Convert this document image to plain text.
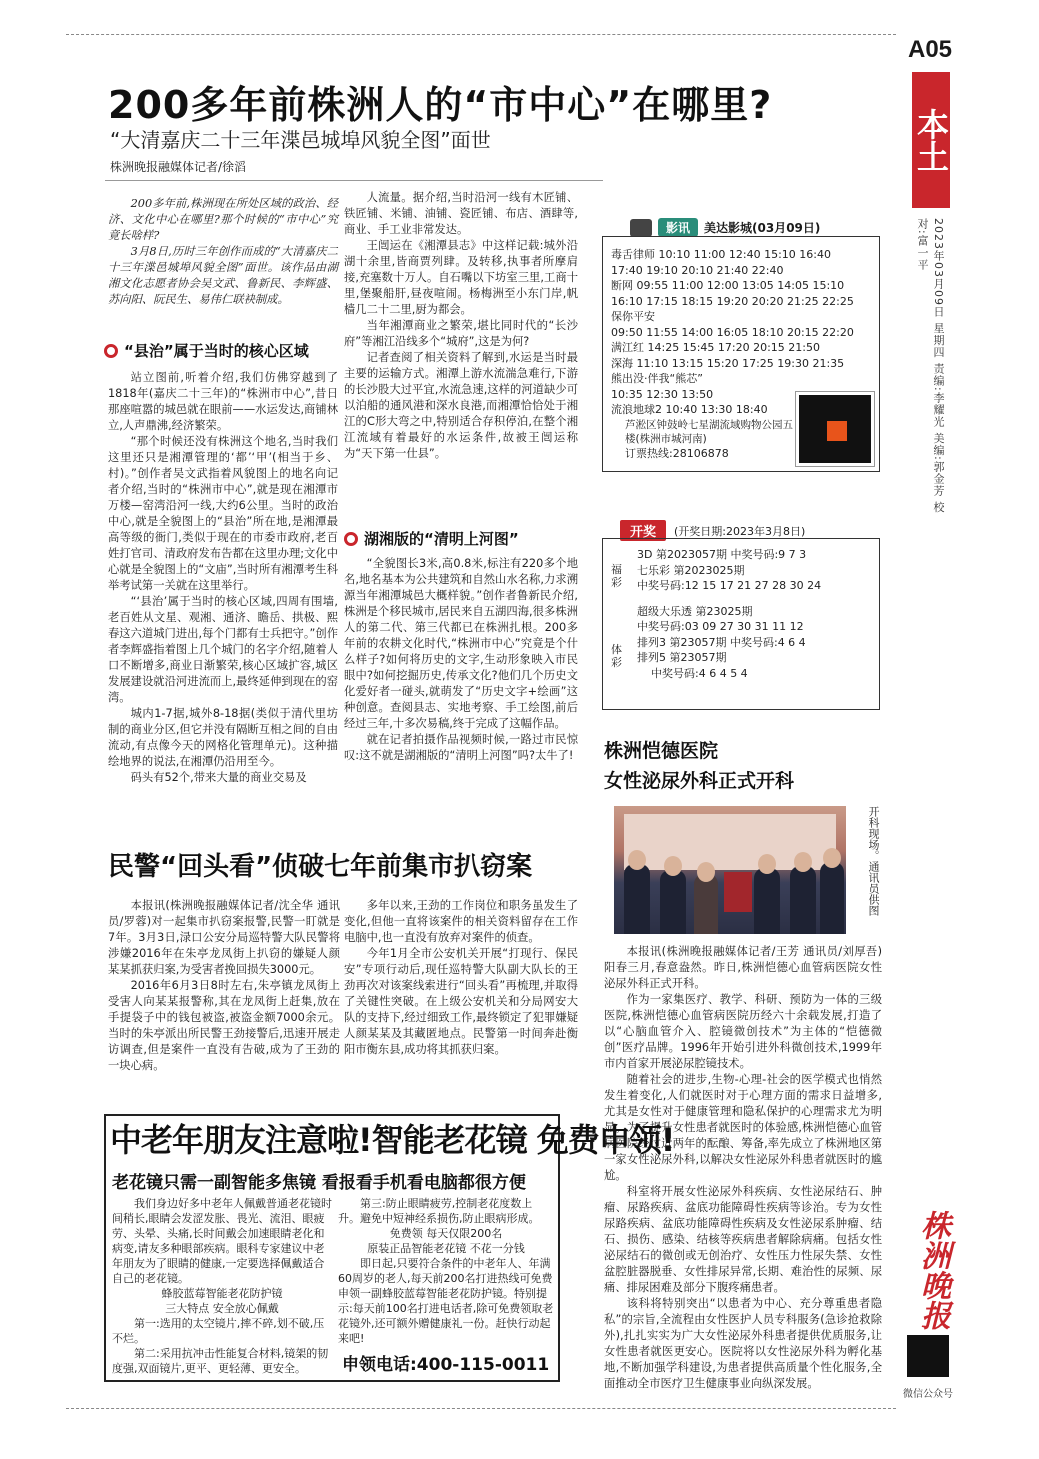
A05
本土
2023年03月09日 星期四 责编:李耀光 美编:郭金芳 校对:富一平
株洲晚报
微信公众号
200多年前株洲人的“市中心”在哪里?
“大清嘉庆二十三年渫邑城埠风貌全图”面世
株洲晚报融媒体记者/徐滔

200多年前,株洲现在所处区域的政治、经济、文化中心在哪里?那个时候的“市中心”究竟长啥样?

3月8日,历时三年创作而成的“大清嘉庆二十三年渫邑城埠风貌全图”面世。该作品由湖湘文化志愿者协会吴文武、鲁新民、李辉盛、苏向阳、阮民生、易伟仁联袂制成。

“县治”属于当时的核心区域

站立图前,听着介绍,我们仿佛穿越到了1818年(嘉庆二十三年)的“株洲市中心”,昔日那座喧嚣的城邑就在眼前——水运发达,商铺林立,人声鼎沸,经济繁荣。

“那个时候还没有株洲这个地名,当时我们这里还只是湘潭管理的‘都’‘甲’(相当于乡、村)。”创作者吴文武指着风貌图上的地名向记者介绍,当时的“株洲市中心”,就是现在湘潭市万楼—窑湾沿河一线,大约6公里。当时的政治中心,就是全貌图上的“县治”所在地,是湘潭最高等级的衙门,类似于现在的市委市政府,老百姓打官司、清政府发布告都在这里办理;文化中心就是全貌图上的“文庙”,当时所有湘潭考生科举考试第一关就在这里举行。

“‘县治’属于当时的核心区域,四周有围墙,老百姓从文星、观湘、通济、瞻岳、拱极、熙春这六道城门进出,每个门都有士兵把守。”创作者李辉盛指着图上几个城门的名字介绍,随着人口不断增多,商业日渐繁荣,核心区域扩容,城区发展建设就沿河进流而上,最终延伸到现在的窑湾。

城内1-7据,城外8-18据(类似于清代里坊制的商业分区,但它并没有隔断互相之间的自由流动,有点像今天的网格化管理单元)。这种描绘地界的说法,在湘潭仍沿用至今。

码头有52个,带来大量的商业交易及

人流量。据介绍,当时沿河一线有木匠铺、铁匠铺、米铺、油铺、瓷匠铺、布店、酒肆等,商业、手工业非常发达。

王闿运在《湘潭县志》中这样记载:城外沿湖十余里,皆商贾列肆。及转移,执事者所摩肩接,充塞数十万人。自石嘴以下坊室三里,工商十里,堡聚船肝,昼夜喧闹。杨梅洲至小东门岸,帆樯几二十二里,厨为都会。

当年湘潭商业之繁荣,堪比同时代的“长沙府”等湘江沿线多个“城府”,这是为何?

记者查阅了相关资料了解到,水运是当时最主要的运输方式。湘潭上游水流湍急难行,下游的长沙股大过平宜,水流急速,这样的河道缺少可以泊船的通风港和深水良港,而湘潭恰恰处于湘江的C形大弯之中,特别适合存积停泊,在整个湘江流域有着最好的水运条件,故被王闿运称为“天下第一仕县”。

湖湘版的“清明上河图”

“全貌图长3米,高0.8米,标注有220多个地名,地名基本为公共建筑和自然山水名称,力求溯源当年湘潭城邑大概样貌。”创作者鲁新民介绍,株洲是个移民城市,居民来自五湖四海,很多株洲人的第二代、第三代都已在株洲扎根。200多年前的农耕文化时代,“株洲市中心”究竟是个什么样子?如何将历史的文字,生动形象映入市民眼中?如何挖掘历史,传承文化?他们几个历史文化爱好者一碰头,就萌发了“历史文字+绘画”这种创意。查阅县志、实地考察、手工绘图,前后经过三年,十多次易稿,终于完成了这幅作品。

就在记者拍摄作品视频时候,一路过市民惊叹:这不就是湖湘版的“清明上河图”吗?太牛了!

影讯	美达影城(03月09日)
毒舌律师 10:10 11:00 12:40 15:10 16:40
17:40 19:10 20:10 21:40 22:40
断网 09:55 11:00 12:00 13:05 14:05 15:10
16:10 17:15 18:15 19:20 20:20 21:25 22:25
保你平安
09:50 11:55 14:00 16:05 18:10 20:15 22:20
满江红 14:25 15:45 17:20 20:15 21:50
深海 11:10 13:15 15:20 17:25 19:30 21:35
熊出没·伴我“熊芯”
10:35 12:30 13:50
流浪地球2 10:40 13:30 18:40
芦淞区钟鼓岭七星湖流域购物公园五楼(株洲市城河南)
订票热线:28106878
开奖	(开奖日期:2023年3月8日)
福彩
体彩
3D 第2023057期 中奖号码:9 7 3
七乐彩 第2023025期
中奖号码:12 15 17 21 27 28 30 24
超级大乐透 第23025期
中奖号码:03 09 27 30 31 11 12
排列3 第23057期 中奖号码:4 6 4
排列5 第23057期
中奖号码:4 6 4 5 4
株洲恺德医院
女性泌尿外科正式开科
开科现场。通讯员供图

本报讯(株洲晚报融媒体记者/王芳 通讯员/刘厚吾)阳春三月,春意盎然。昨日,株洲恺德心血管病医院女性泌尿外科正式开科。

作为一家集医疗、教学、科研、预防为一体的三级医院,株洲恺德心血管病医院历经六十余载发展,打造了以“心脑血管介入、腔镜微创技术”为主体的“恺德微创”医疗品牌。1996年开始引进外科微创技术,1999年市内首家开展泌尿腔镜技术。

随着社会的进步,生物-心理-社会的医学模式也悄然发生着变化,人们就医时对于心理方面的需求日益增多,尤其是女性对于健康管理和隐私保护的心理需求尤为明显。为了提升女性患者就医时的体验感,株洲恺德心血管病医院经过近两年的酝酿、筹备,率先成立了株洲地区第一家女性泌尿外科,以解决女性泌尿外科患者就医时的尴尬。

科室将开展女性泌尿外科疾病、女性泌尿结石、肿瘤、尿路疾病、盆底功能障碍性疾病等诊治。专为女性尿路疾病、盆底功能障碍性疾病及女性泌尿系肿瘤、结石、损伤、感染、结核等疾病患者解除病痛。包括女性泌尿结石的微创或无创治疗、女性压力性尿失禁、女性盆腔脏器脱垂、女性排尿异常,长期、难治性的尿频、尿痛、排尿困难及部分下腹疼痛患者。

该科将特别突出“以患者为中心、充分尊重患者隐私”的宗旨,全流程由女性医护人员专科服务(急诊抢救除外),扎扎实实为广大女性泌尿外科患者提供优质服务,让女性患者就医更安心。医院将以女性泌尿外科为孵化基地,不断加强学科建设,为患者提供高质量个性化服务,全面推动全市医疗卫生健康事业向纵深发展。

民警“回头看”侦破七年前集市扒窃案

本报讯(株洲晚报融媒体记者/沈全华 通讯员/罗蓉)对一起集市扒窃案报警,民警一盯就是7年。3月3日,渌口公安分局巡特警大队民警将涉嫌2016年在朱亭龙凤街上扒窃的嫌疑人颜某某抓获归案,为受害者挽回损失3000元。

2016年6月3日8时左右,朱亭镇龙凤街上受害人向某某报警称,其在龙凤街上赶集,放在手提袋子中的钱包被盗,被盗金额7000余元。当时的朱亭派出所民警王劲接警后,迅速开展走访调查,但是案件一直没有告破,成为了王劲的一块心病。

多年以来,王劲的工作岗位和职务虽发生了变化,但他一直将该案件的相关资料留存在工作电脑中,也一直没有放弃对案件的侦查。

今年1月全市公安机关开展“打现行、保民安”专项行动后,现任巡特警大队副大队长的王劲再次对该案线索进行“回头看”再梳理,并取得了关键性突破。在上级公安机关和分局网安大队的支持下,经过细致工作,最终锁定了犯罪嫌疑人颜某某及其藏匿地点。民警第一时间奔赴衡阳市衡东县,成功将其抓获归案。

中老年朋友注意啦!智能老花镜 免费申领!
老花镜只需一副智能多焦镜 看报看手机看电脑都很方便

我们身边好多中老年人佩戴普通老花镜时间稍长,眼睛会发涩发胀、畏光、流泪、眼疲劳、头晕、头痛,长时间戴会加速眼睛老化和病变,请友多种眼部疾病。眼科专家建议中老年朋友为了眼睛的健康,一定要选择佩戴适合自己的老花镜。

蜂胶蓝莓智能老花防护镜

三大特点 安全放心佩戴

第一:选用的太空镜片,摔不碎,划不破,压不烂。

第二:采用抗冲击性能复合材料,镜架的韧度强,双面镜片,更平、更轻薄、更安全。

第三:防止眼睛疲劳,控制老花度数上升。避免中短神经系损伤,防止眼病形成。

免费领 每天仅限200名

原装正品智能老花镜 不花一分钱

即日起,只要符合条件的中老年人、年满60周岁的老人,每天前200名打进热线可免费申领一副蜂胶蓝莓智能老花防护镜。特别提示:每天前100名打进电话者,除可免费领取老花镜外,还可额外赠健康礼一份。赶快行动起来吧!

申领电话:400-115-0011
